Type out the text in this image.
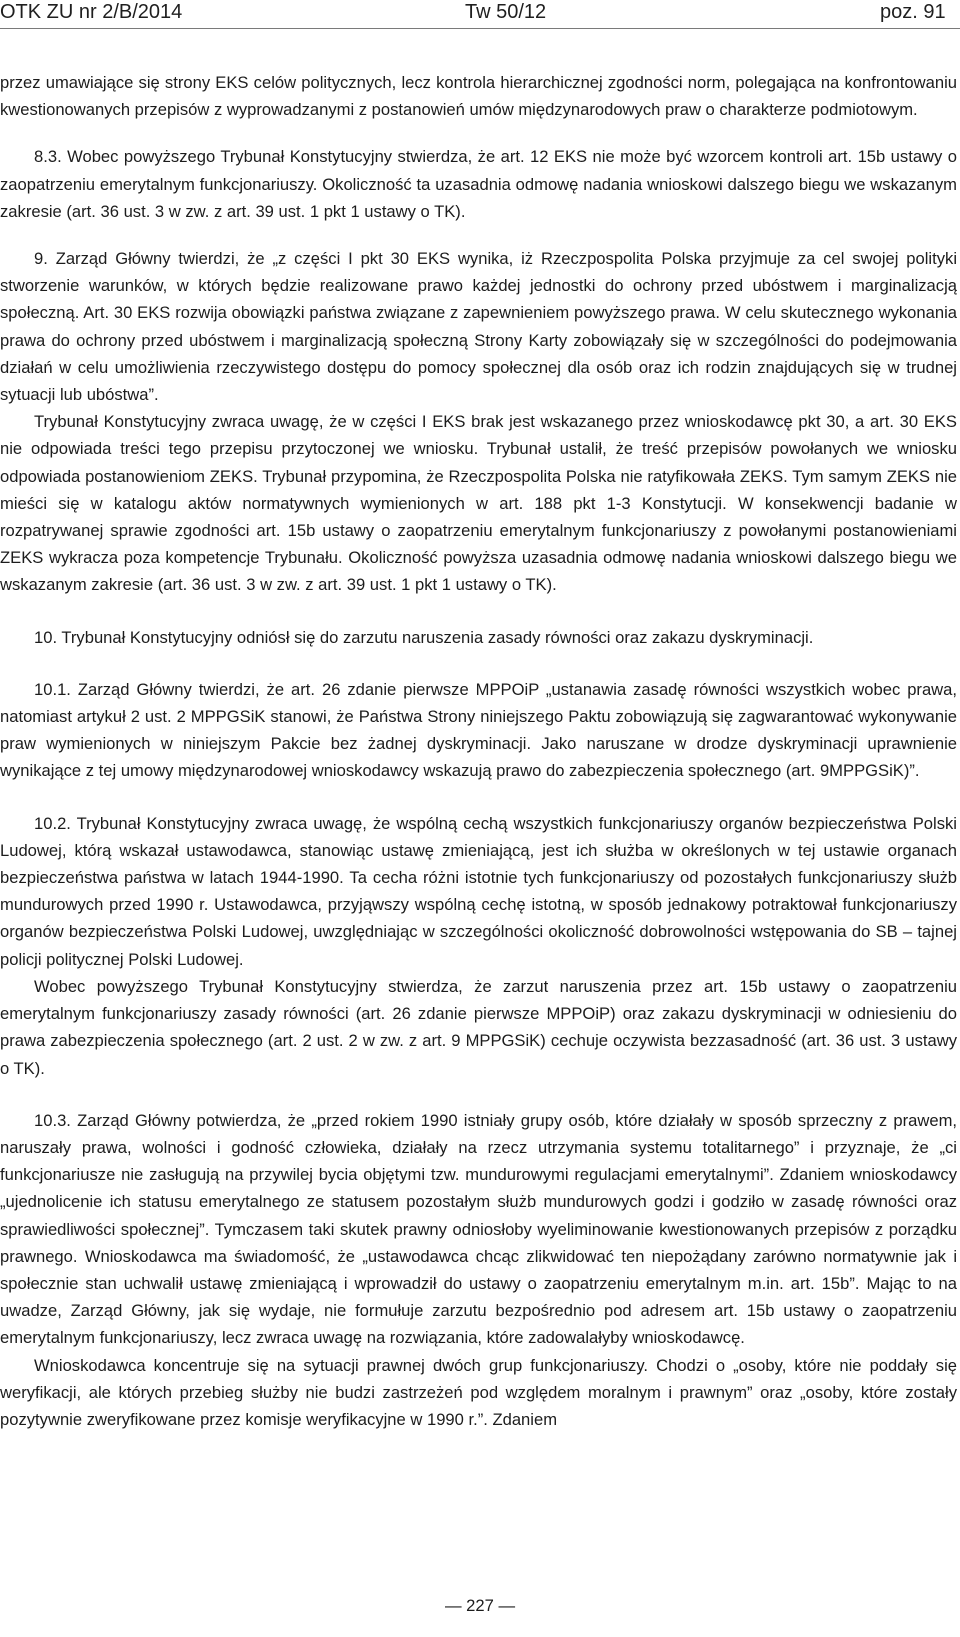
OTK ZU nr 2/B/2014	Tw 50/12	poz. 91

przez umawiające się strony EKS celów politycznych, lecz kontrola hierarchicznej zgodności norm, polegająca na konfrontowaniu kwestionowanych przepisów z wyprowadzanymi z postanowień umów międzynarodowych praw o charakterze podmiotowym.

8.3. Wobec powyższego Trybunał Konstytucyjny stwierdza, że art. 12 EKS nie może być wzorcem kontroli art. 15b ustawy o zaopatrzeniu emerytalnym funkcjonariuszy. Okoliczność ta uzasadnia odmowę nadania wnioskowi dalszego biegu we wskazanym zakresie (art. 36 ust. 3 w zw. z art. 39 ust. 1 pkt 1 ustawy o TK).

9. Zarząd Główny twierdzi, że „z części I pkt 30 EKS wynika, iż Rzeczpospolita Polska przyjmuje za cel swojej polityki stworzenie warunków, w których będzie realizowane prawo każdej jednostki do ochrony przed ubóstwem i marginalizacją społeczną. Art. 30 EKS rozwija obowiązki państwa związane z zapewnieniem powyższego prawa. W celu skutecznego wykonania prawa do ochrony przed ubóstwem i marginalizacją społeczną Strony Karty zobowiązały się w szczególności do podejmowania działań w celu umożliwienia rzeczywistego dostępu do pomocy społecznej dla osób oraz ich rodzin znajdujących się w trudnej sytuacji lub ubóstwa”.

Trybunał Konstytucyjny zwraca uwagę, że w części I EKS brak jest wskazanego przez wnioskodawcę pkt 30, a art. 30 EKS nie odpowiada treści tego przepisu przytoczonej we wniosku. Trybunał ustalił, że treść przepisów powołanych we wniosku odpowiada postanowieniom ZEKS. Trybunał przypomina, że Rzeczpospolita Polska nie ratyfikowała ZEKS. Tym samym ZEKS nie mieści się w katalogu aktów normatywnych wymienionych w art. 188 pkt 1-3 Konstytucji. W konsekwencji badanie w rozpatrywanej sprawie zgodności art. 15b ustawy o zaopatrzeniu emerytalnym funkcjonariuszy z powołanymi postanowieniami ZEKS wykracza poza kompetencje Trybunału. Okoliczność powyższa uzasadnia odmowę nadania wnioskowi dalszego biegu we wskazanym zakresie (art. 36 ust. 3 w zw. z art. 39 ust. 1 pkt 1 ustawy o TK).

10. Trybunał Konstytucyjny odniósł się do zarzutu naruszenia zasady równości oraz zakazu dyskryminacji.

10.1. Zarząd Główny twierdzi, że art. 26 zdanie pierwsze MPPOiP „ustanawia zasadę równości wszystkich wobec prawa, natomiast artykuł 2 ust. 2 MPPGSiK stanowi, że Państwa Strony niniejszego Paktu zobowiązują się zagwarantować wykonywanie praw wymienionych w niniejszym Pakcie bez żadnej dyskryminacji. Jako naruszane w drodze dyskryminacji uprawnienie wynikające z tej umowy międzynarodowej wnioskodawcy wskazują prawo do zabezpieczenia społecznego (art. 9MPPGSiK)”.

10.2. Trybunał Konstytucyjny zwraca uwagę, że wspólną cechą wszystkich funkcjonariuszy organów bezpieczeństwa Polski Ludowej, którą wskazał ustawodawca, stanowiąc ustawę zmieniającą, jest ich służba w określonych w tej ustawie organach bezpieczeństwa państwa w latach 1944-1990. Ta cecha różni istotnie tych funkcjonariuszy od pozostałych funkcjonariuszy służb mundurowych przed 1990 r. Ustawodawca, przyjąwszy wspólną cechę istotną, w sposób jednakowy potraktował funkcjonariuszy organów bezpieczeństwa Polski Ludowej, uwzględniając w szczególności okoliczność dobrowolności wstępowania do SB – tajnej policji politycznej Polski Ludowej.

Wobec powyższego Trybunał Konstytucyjny stwierdza, że zarzut naruszenia przez art. 15b ustawy o zaopatrzeniu emerytalnym funkcjonariuszy zasady równości (art. 26 zdanie pierwsze MPPOiP) oraz zakazu dyskryminacji w odniesieniu do prawa zabezpieczenia społecznego (art. 2 ust. 2 w zw. z art. 9 MPPGSiK) cechuje oczywista bezzasadność (art. 36 ust. 3 ustawy o TK).

10.3. Zarząd Główny potwierdza, że „przed rokiem 1990 istniały grupy osób, które działały w sposób sprzeczny z prawem, naruszały prawa, wolności i godność człowieka, działały na rzecz utrzymania systemu totalitarnego” i przyznaje, że „ci funkcjonariusze nie zasługują na przywilej bycia objętymi tzw. mundurowymi regulacjami emerytalnymi”. Zdaniem wnioskodawcy „ujednolicenie ich statusu emerytalnego ze statusem pozostałym służb mundurowych godzi i godziło w zasadę równości oraz sprawiedliwości społecznej”. Tymczasem taki skutek prawny odniosłoby wyeliminowanie kwestionowanych przepisów z porządku prawnego. Wnioskodawca ma świadomość, że „ustawodawca chcąc zlikwidować ten niepożądany zarówno normatywnie jak i społecznie stan uchwalił ustawę zmieniającą i wprowadził do ustawy o zaopatrzeniu emerytalnym m.in. art. 15b”. Mając to na uwadze, Zarząd Główny, jak się wydaje, nie formułuje zarzutu bezpośrednio pod adresem art. 15b ustawy o zaopatrzeniu emerytalnym funkcjonariuszy, lecz zwraca uwagę na rozwiązania, które zadowalałyby wnioskodawcę.

Wnioskodawca koncentruje się na sytuacji prawnej dwóch grup funkcjonariuszy. Chodzi o „osoby, które nie poddały się weryfikacji, ale których przebieg służby nie budzi zastrzeżeń pod względem moralnym i prawnym” oraz „osoby, które zostały pozytywnie zweryfikowane przez komisje weryfikacyjne w 1990 r.”. Zdaniem

— 227 —
